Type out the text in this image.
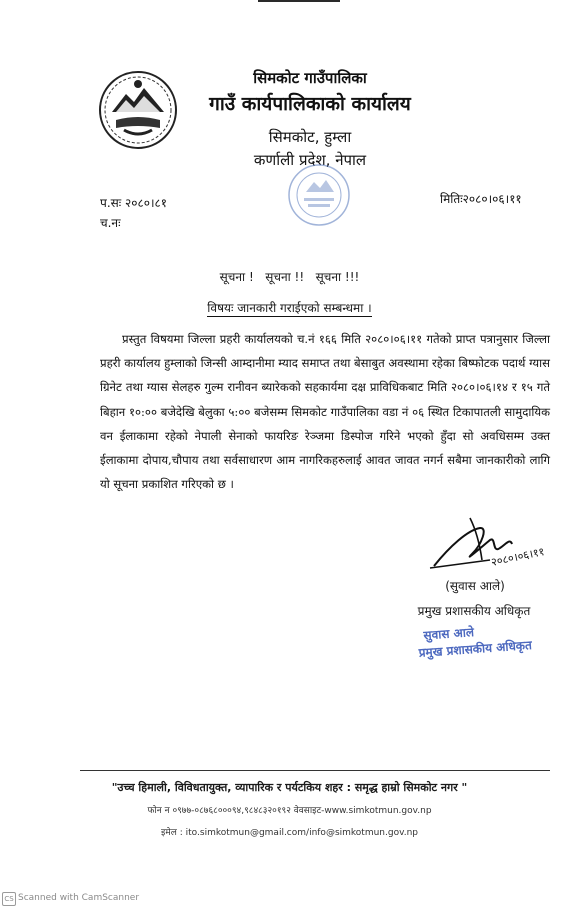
सिमकोट गाउँपालिका
गाउँ कार्यपालिकाको कार्यालय
सिमकोट, हुम्ला
कर्णाली प्रदेश, नेपाल
प.सः २०८०।८१
च.नः
मितिः२०८०।०६।११
सूचना !   सूचना !!   सूचना !!!
विषयः जानकारी गराईएको सम्बन्धमा ।
प्रस्तुत विषयमा जिल्ला प्रहरी कार्यालयको च.नं १६६ मिति २०८०।०६।११ गतेको प्राप्त पत्रानुसार जिल्ला प्रहरी कार्यालय हुम्लाको जिन्सी आम्दानीमा म्याद समाप्त तथा बेसाबुत अवस्थामा रहेका बिष्फोटक पदार्थ ग्यास ग्रिनेट तथा ग्यास सेलहरु गुल्म रानीवन ब्यारेकको सहकार्यमा दक्ष प्राविधिकबाट मिति २०८०।०६।१४ र १५ गते बिहान १०:०० बजेदेखि बेलुका ५:०० बजेसम्म सिमकोट गाउँपालिका वडा नं ०६ स्थित टिकापातली सामुदायिक वन ईलाकामा रहेको नेपाली सेनाको फायरिङ रेञ्जमा डिस्पोज गरिने भएको हुँदा सो अवधिसम्म उक्त ईलाकामा दोपाय,चौपाय तथा सर्वसाधारण आम नागरिकहरुलाई आवत जावत नगर्न सबैमा जानकारीको लागि यो सूचना प्रकाशित गरिएको छ ।
२०८०।०६।११
(सुवास आले)
प्रमुख प्रशासकीय अधिकृत
सुवास आले
प्रमुख प्रशासकीय अधिकृत
"उच्च हिमाली, विविधतायुक्त, व्यापारिक र पर्यटकिय शहर : समृद्ध हाम्रो सिमकोट नगर "
फोन न ०९७७-०८७६८०००९४,९८४८३२०१९२ वेवसाइट-www.simkotmun.gov.np
इमेल : ito.simkotmun@gmail.com/info@simkotmun.gov.np
CS Scanned with CamScanner
